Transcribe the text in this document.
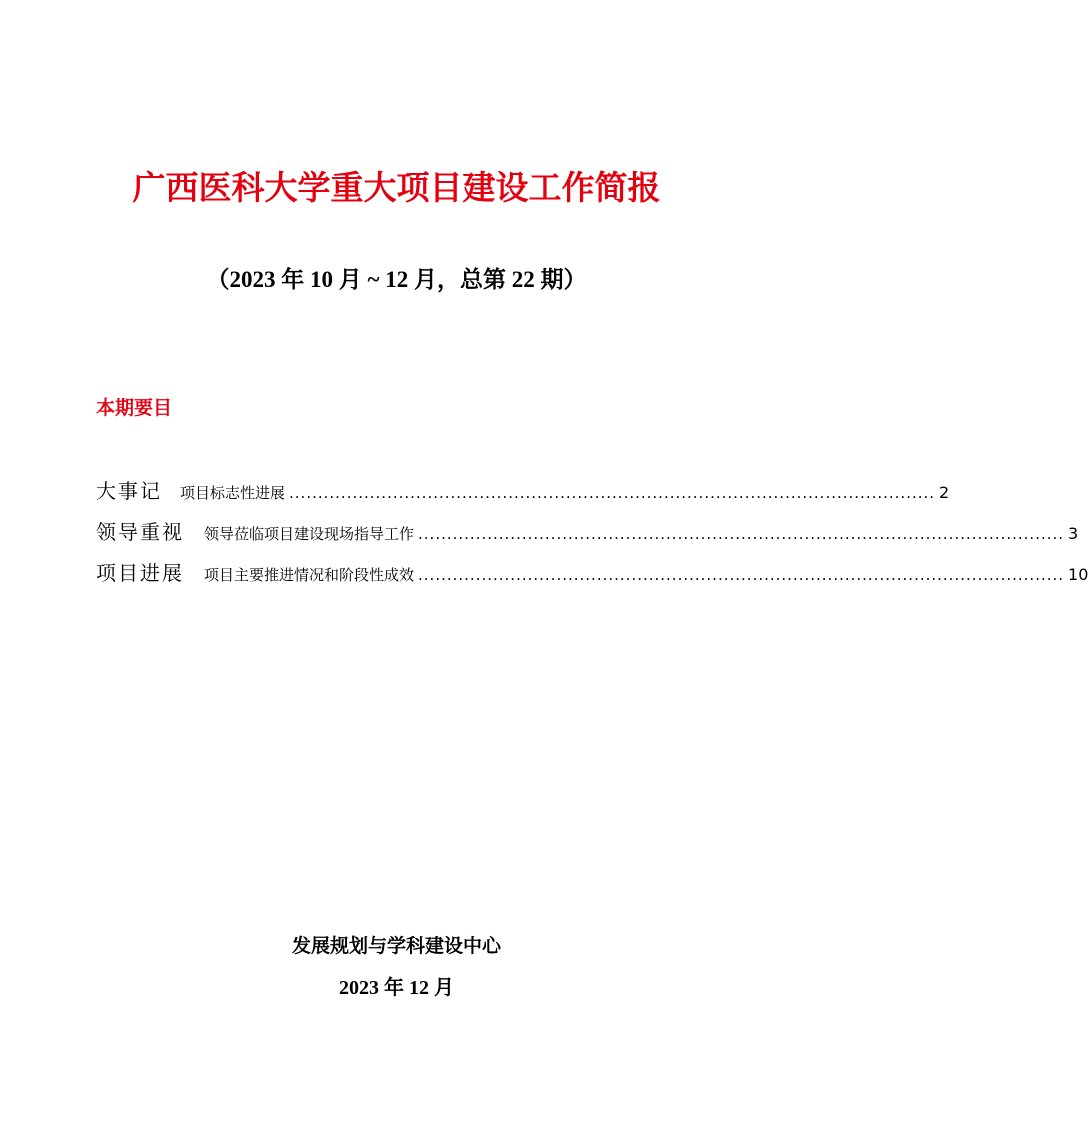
广西医科大学重大项目建设工作简报
（2023 年 10 月 ~ 12 月，总第 22 期）
本期要目
大事记 项目标志性进展 ................................................................................................................ 2
领导重视 领导莅临项目建设现场指导工作 ................................................................................................................ 3
项目进展 项目主要推进情况和阶段性成效 ................................................................................................................ 10
发展规划与学科建设中心
2023 年 12 月
